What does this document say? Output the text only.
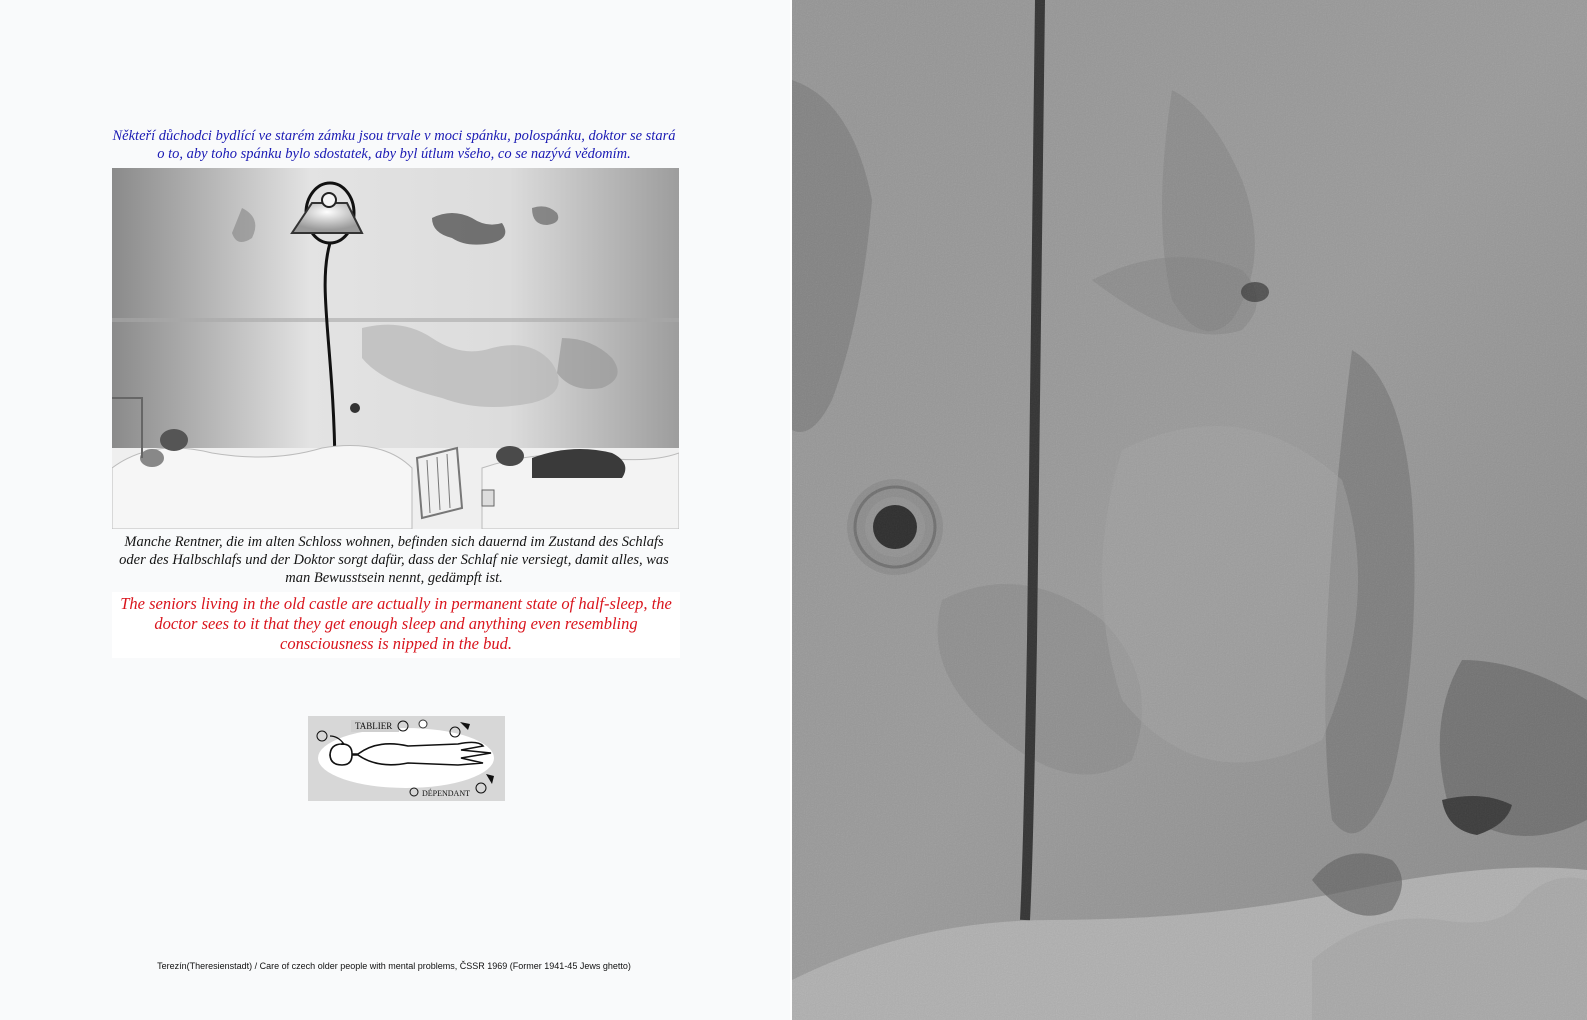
Někteří důchodci bydlící ve starém zámku jsou trvale v moci spánku, polospánku, doktor se stará o to, aby toho spánku bylo sdostatek, aby byl útlum všeho, co se nazývá vědomím.
Manche Rentner, die im alten Schloss wohnen, befinden sich dauernd im Zustand des Schlafs oder des Halbschlafs und der Doktor sorgt dafür, dass der Schlaf nie versiegt, damit alles, was man Bewusstsein nennt, gedämpft ist.
The seniors living in the old castle are actually in permanent state of half-sleep, the doctor sees to it that they get enough sleep and anything even resembling consciousness is nipped in the bud.
TABLIER
DÉPENDANT
Terezín(Theresienstadt) / Care of czech older people with mental problems, ČSSR 1969 (Former 1941-45 Jews ghetto)
